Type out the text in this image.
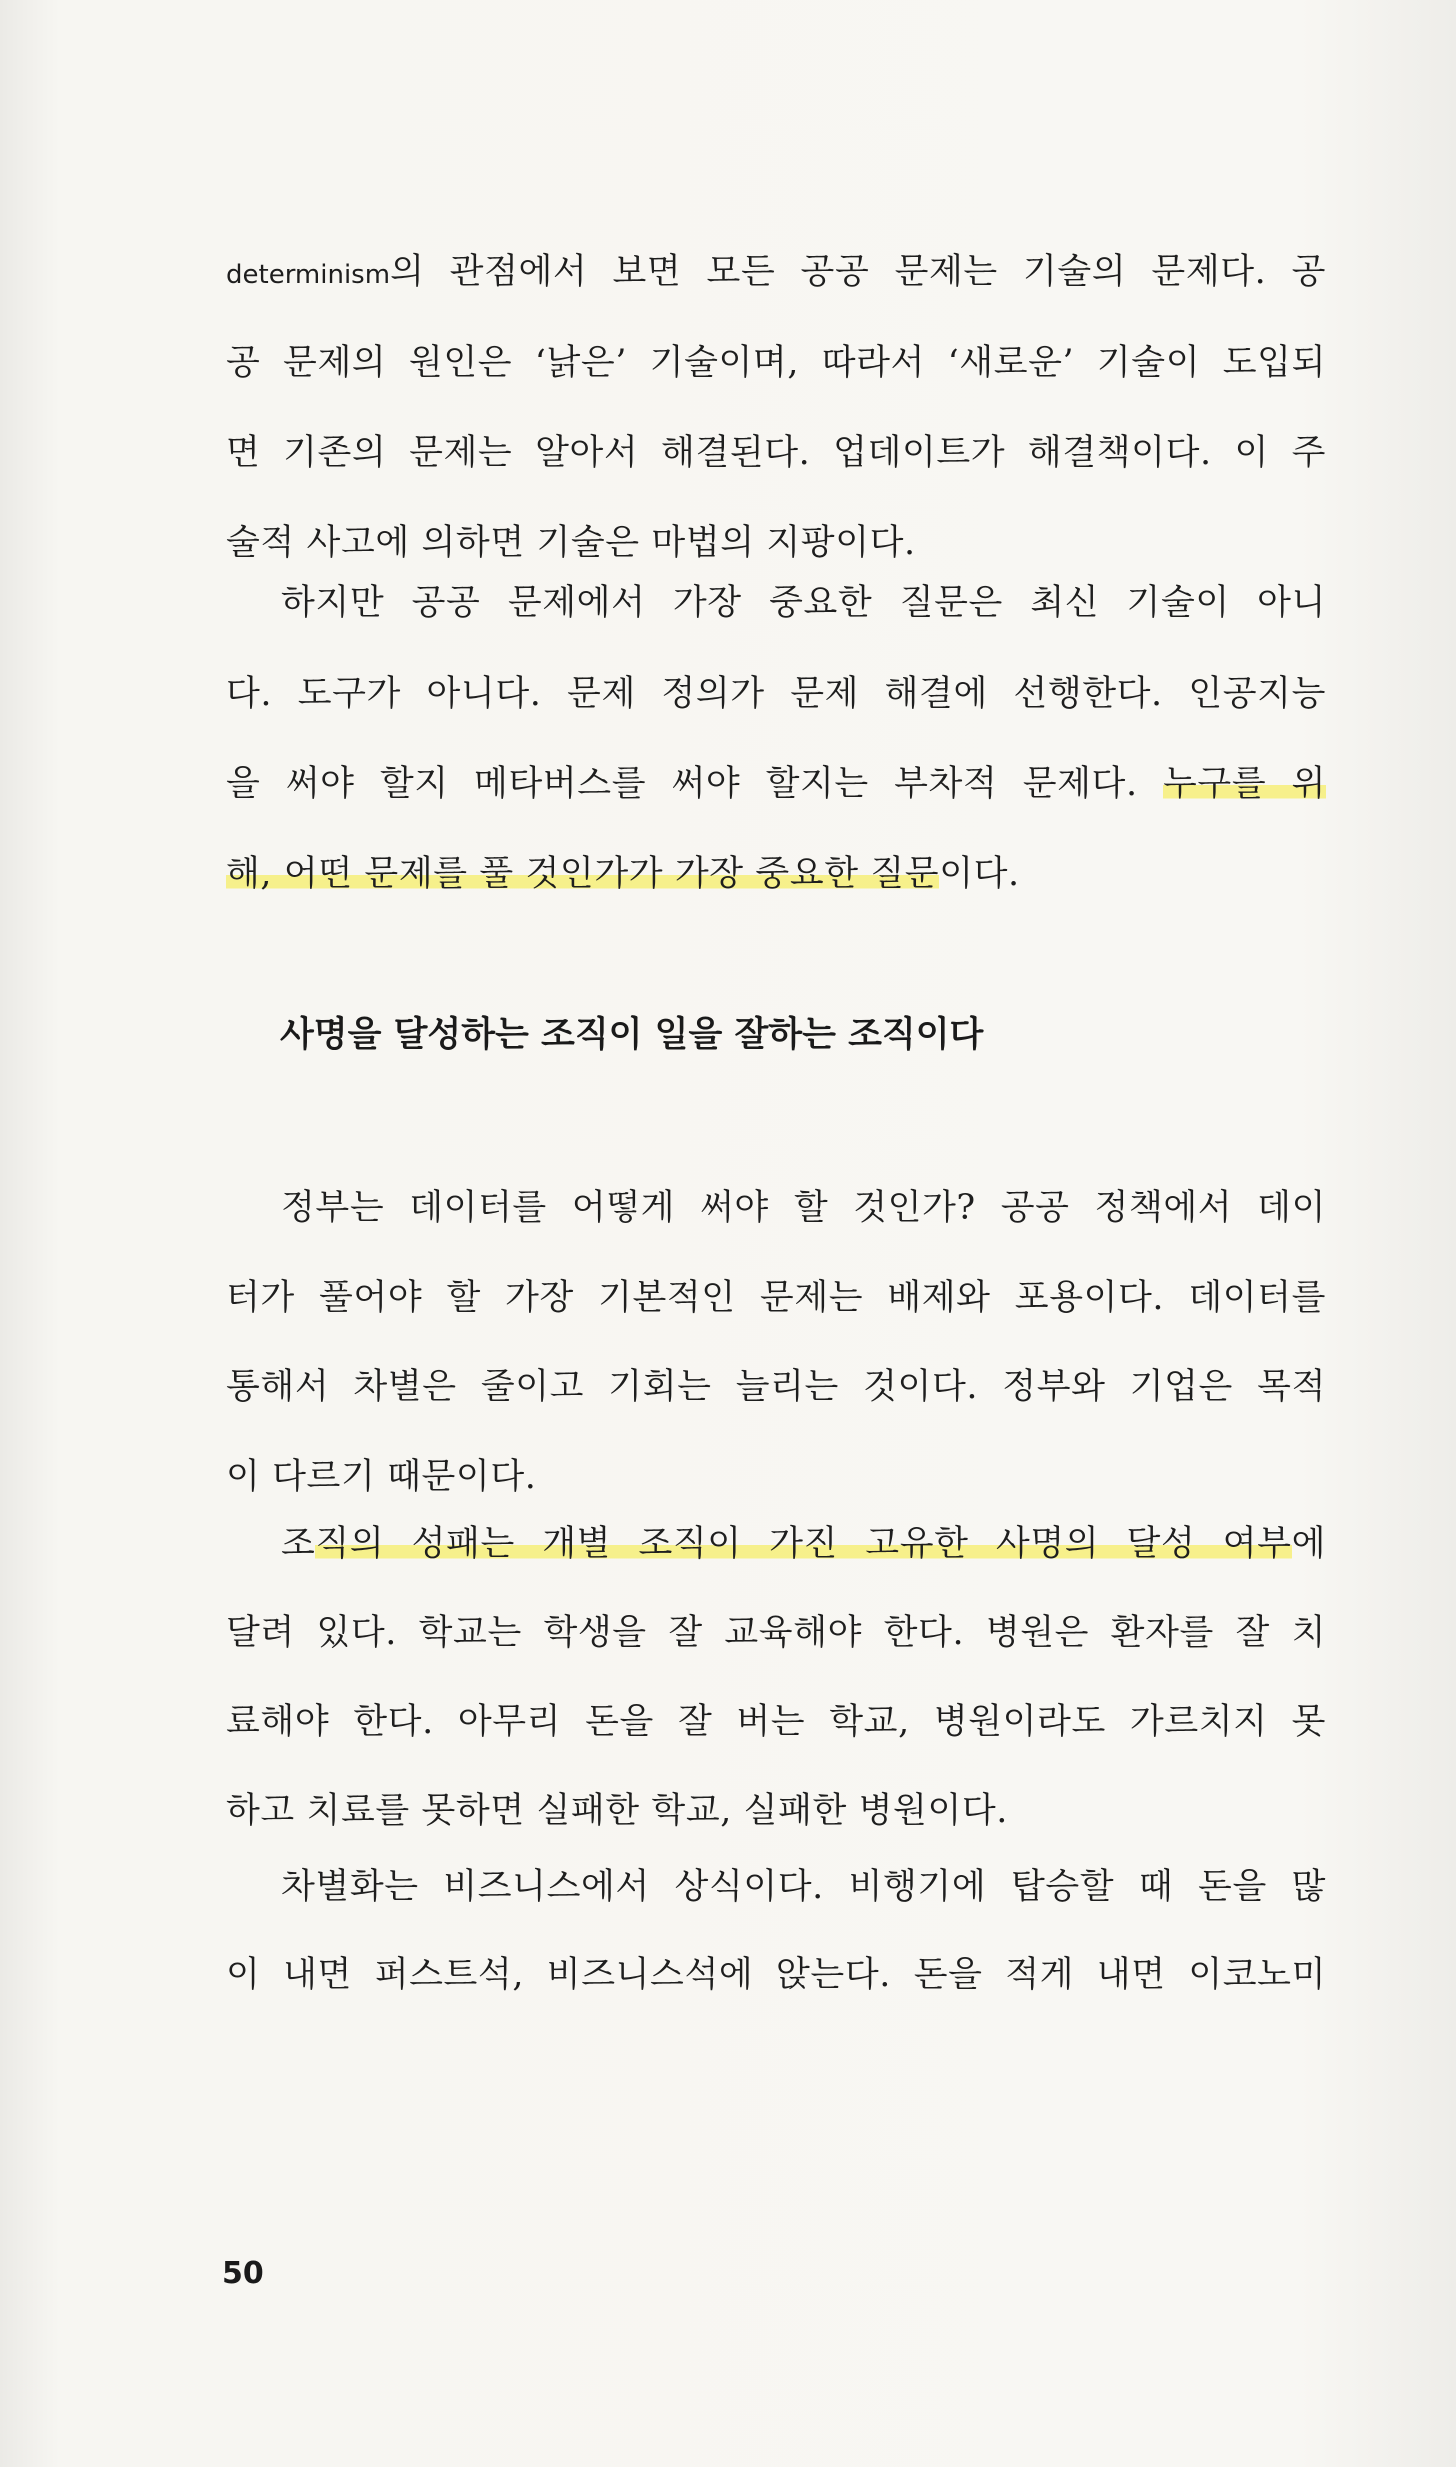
determinism의 관점에서 보면 모든 공공 문제는 기술의 문제다. 공
공 문제의 원인은 ‘낡은’ 기술이며, 따라서 ‘새로운’ 기술이 도입되
면 기존의 문제는 알아서 해결된다. 업데이트가 해결책이다. 이 주
술적 사고에 의하면 기술은 마법의 지팡이다.
하지만 공공 문제에서 가장 중요한 질문은 최신 기술이 아니
다. 도구가 아니다. 문제 정의가 문제 해결에 선행한다. 인공지능
을 써야 할지 메타버스를 써야 할지는 부차적 문제다. 누구를 위
해, 어떤 문제를 풀 것인가가 가장 중요한 질문이다.
사명을 달성하는 조직이 일을 잘하는 조직이다
정부는 데이터를 어떻게 써야 할 것인가? 공공 정책에서 데이
터가 풀어야 할 가장 기본적인 문제는 배제와 포용이다. 데이터를
통해서 차별은 줄이고 기회는 늘리는 것이다. 정부와 기업은 목적
이 다르기 때문이다.
조직의 성패는 개별 조직이 가진 고유한 사명의 달성 여부에
달려 있다. 학교는 학생을 잘 교육해야 한다. 병원은 환자를 잘 치
료해야 한다. 아무리 돈을 잘 버는 학교, 병원이라도 가르치지 못
하고 치료를 못하면 실패한 학교, 실패한 병원이다.
차별화는 비즈니스에서 상식이다. 비행기에 탑승할 때 돈을 많
이 내면 퍼스트석, 비즈니스석에 앉는다. 돈을 적게 내면 이코노미
50
